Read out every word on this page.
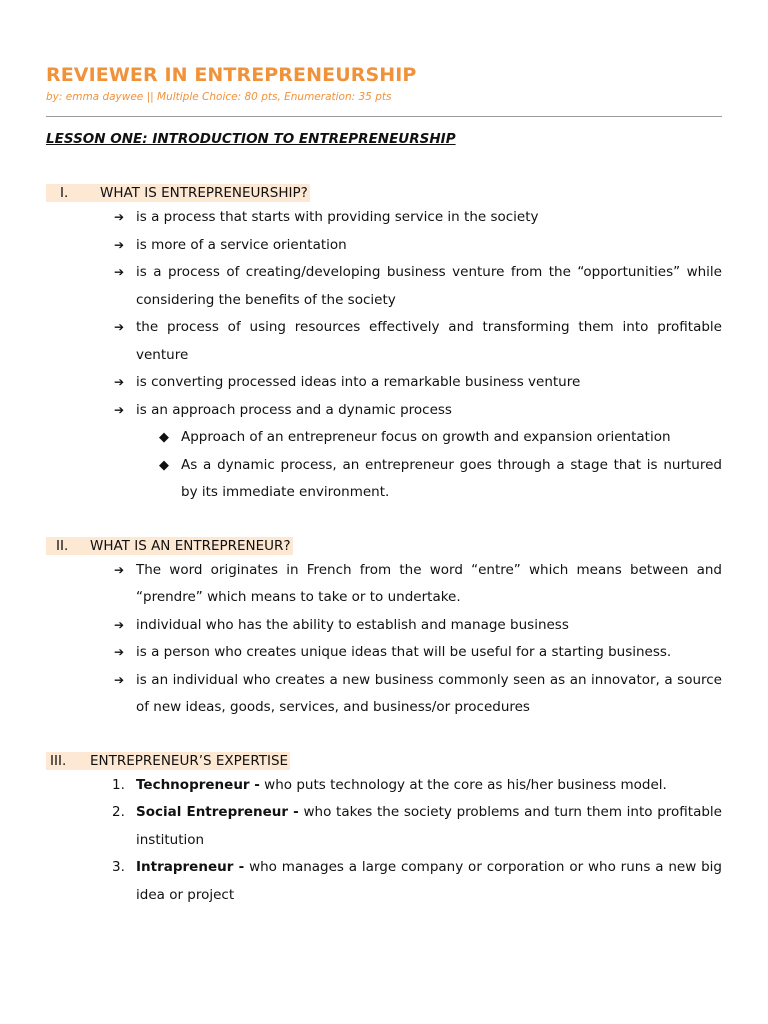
REVIEWER IN ENTREPRENEURSHIP
by: emma daywee || Multiple Choice: 80 pts, Enumeration: 35 pts
LESSON ONE: INTRODUCTION TO ENTREPRENEURSHIP
I.	WHAT IS ENTREPRENEURSHIP?
➔ is a process that starts with providing service in the society
➔ is more of a service orientation
➔ is a process of creating/developing business venture from the “opportunities” while considering the benefits of the society
➔ the process of using resources effectively and transforming them into profitable venture
➔ is converting processed ideas into a remarkable business venture
➔ is an approach process and a dynamic process
◆ Approach of an entrepreneur focus on growth and expansion orientation
◆ As a dynamic process, an entrepreneur goes through a stage that is nurtured by its immediate environment.
II.	WHAT IS AN ENTREPRENEUR?
➔ The word originates in French from the word “entre” which means between and “prendre” which means to take or to undertake.
➔ individual who has the ability to establish and manage business
➔ is a person who creates unique ideas that will be useful for a starting business.
➔ is an individual who creates a new business commonly seen as an innovator, a source of new ideas, goods, services, and business/or procedures
III.	ENTREPRENEUR’S EXPERTISE
1. Technopreneur - who puts technology at the core as his/her business model.
2. Social Entrepreneur - who takes the society problems and turn them into profitable institution
3. Intrapreneur - who manages a large company or corporation or who runs a new big idea or project
